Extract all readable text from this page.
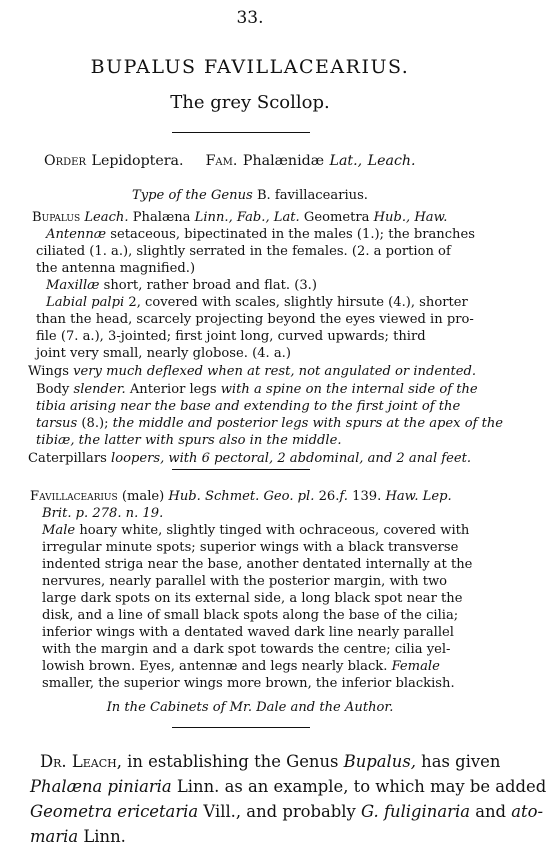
33.
BUPALUS FAVILLACEARIUS.
The grey Scollop.
Order Lepidoptera. Fam. Phalænidæ Lat., Leach.
Type of the Genus B. favillacearius.
Bupalus Leach. Phalæna Linn., Fab., Lat. Geometra Hub., Haw.
Antennæ setaceous, bipectinated in the males (1.); the branches
ciliated (1. a.), slightly serrated in the females. (2. a portion of
the antenna magnified.)
Maxillæ short, rather broad and flat. (3.)
Labial palpi 2, covered with scales, slightly hirsute (4.), shorter
than the head, scarcely projecting beyond the eyes viewed in pro-
file (7. a.), 3-jointed; first joint long, curved upwards; third
joint very small, nearly globose. (4. a.)
Wings very much deflexed when at rest, not angulated or indented.
Body slender. Anterior legs with a spine on the internal side of the
tibia arising near the base and extending to the first joint of the
tarsus (8.); the middle and posterior legs with spurs at the apex of the
tibiæ, the latter with spurs also in the middle.
Caterpillars loopers, with 6 pectoral, 2 abdominal, and 2 anal feet.
Favillacearius (male) Hub. Schmet. Geo. pl. 26.f. 139. Haw. Lep.
Brit. p. 278. n. 19.
Male hoary white, slightly tinged with ochraceous, covered with
irregular minute spots; superior wings with a black transverse
indented striga near the base, another dentated internally at the
nervures, nearly parallel with the posterior margin, with two
large dark spots on its external side, a long black spot near the
disk, and a line of small black spots along the base of the cilia;
inferior wings with a dentated waved dark line nearly parallel
with the margin and a dark spot towards the centre; cilia yel-
lowish brown. Eyes, antennæ and legs nearly black. Female
smaller, the superior wings more brown, the inferior blackish.
In the Cabinets of Mr. Dale and the Author.
Dr. Leach, in establishing the Genus Bupalus, has given
Phalæna piniaria Linn. as an example, to which may be added
Geometra ericetaria Vill., and probably G. fuliginaria and ato-
maria Linn.
